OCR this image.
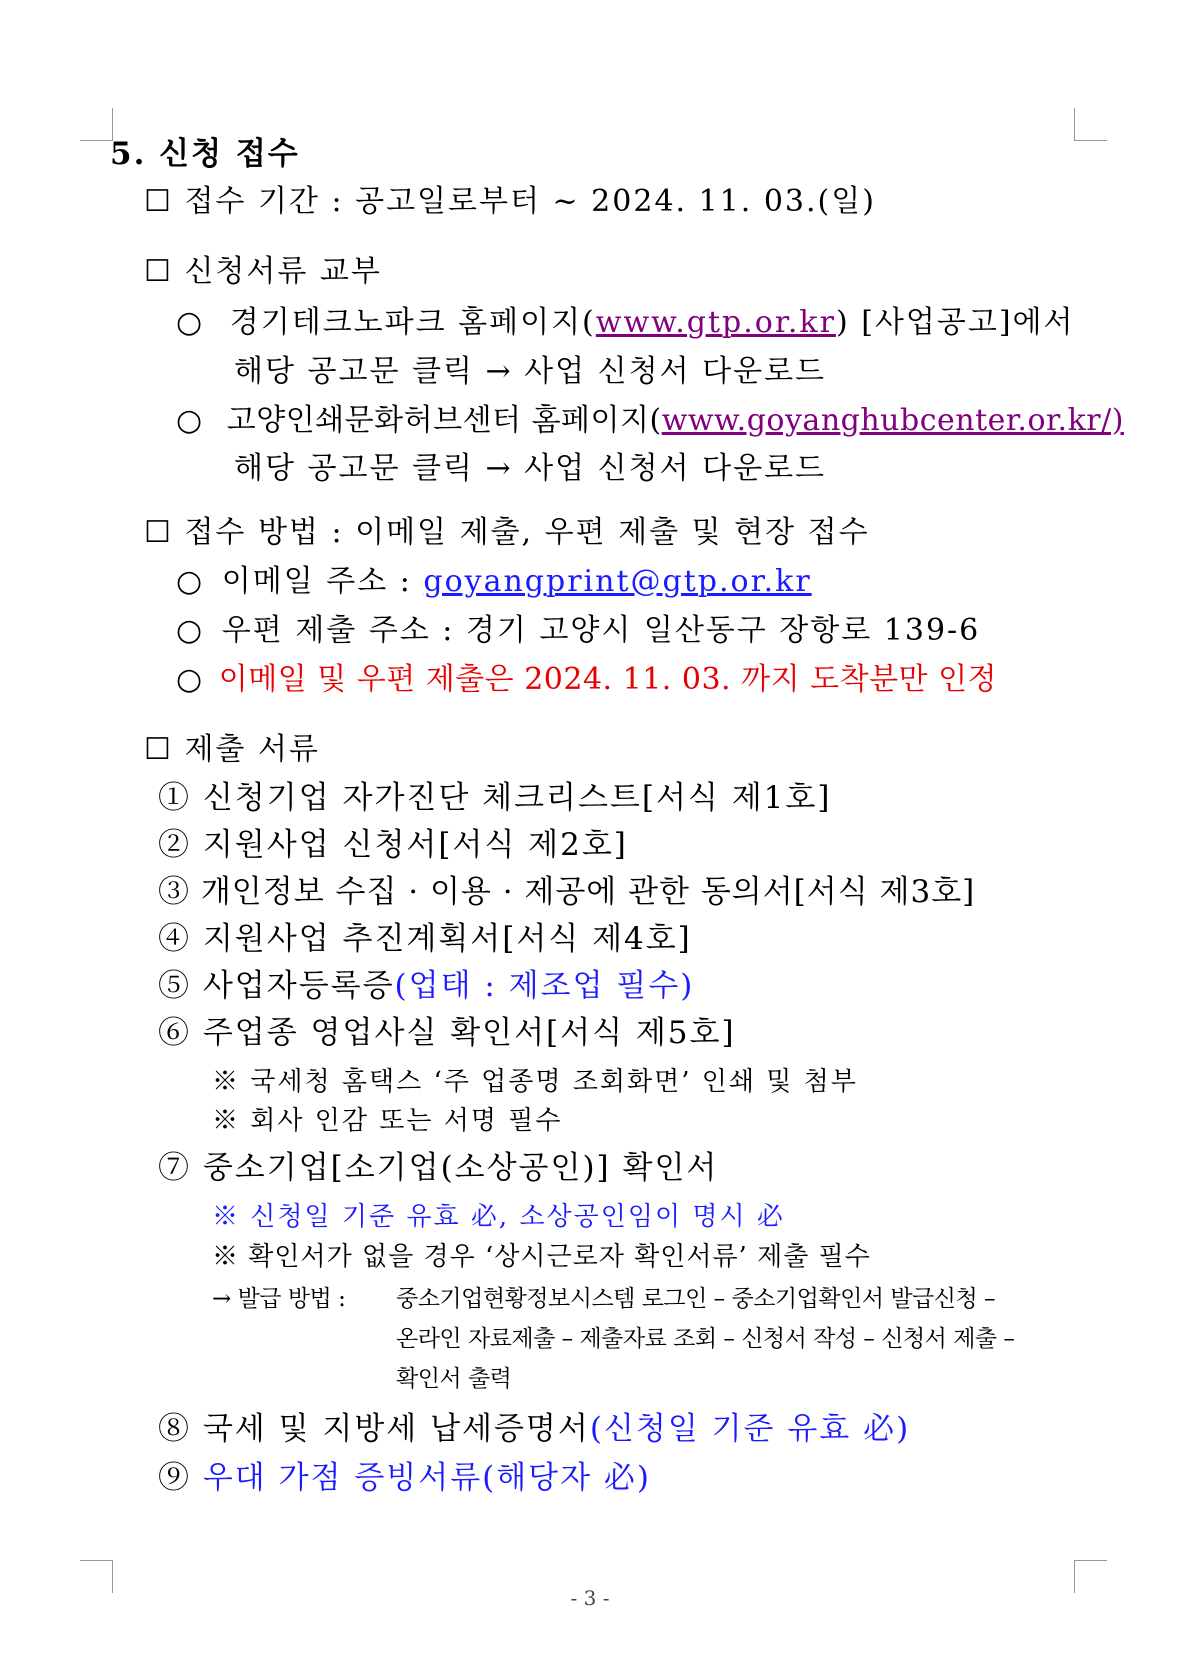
5. 신청 접수
☐ 접수 기간 : 공고일로부터 ~ 2024. 11. 03.(일)
☐ 신청서류 교부
○ 경기테크노파크 홈페이지(www.gtp.or.kr) [사업공고]에서
해당 공고문 클릭 → 사업 신청서 다운로드
○ 고양인쇄문화허브센터 홈페이지(www.goyanghubcenter.or.kr/)
해당 공고문 클릭 → 사업 신청서 다운로드
☐ 접수 방법 : 이메일 제출, 우편 제출 및 현장 접수
○ 이메일 주소 : goyangprint@gtp.or.kr
○ 우편 제출 주소 : 경기 고양시 일산동구 장항로 139-6
○ 이메일 및 우편 제출은 2024. 11. 03. 까지 도착분만 인정
☐ 제출 서류
① 신청기업 자가진단 체크리스트[서식 제1호]
② 지원사업 신청서[서식 제2호]
③ 개인정보 수집 · 이용 · 제공에 관한 동의서[서식 제3호]
④ 지원사업 추진계획서[서식 제4호]
⑤ 사업자등록증(업태 : 제조업 필수)
⑥ 주업종 영업사실 확인서[서식 제5호]
※ 국세청 홈택스 ‘주 업종명 조회화면’ 인쇄 및 첨부
※ 회사 인감 또는 서명 필수
⑦ 중소기업[소기업(소상공인)] 확인서
※ 신청일 기준 유효 必, 소상공인임이 명시 必
※ 확인서가 없을 경우 ‘상시근로자 확인서류’ 제출 필수
→ 발급 방법 : 중소기업현황정보시스템 로그인 – 중소기업확인서 발급신청 –
온라인 자료제출 – 제출자료 조회 – 신청서 작성 – 신청서 제출 –
확인서 출력
⑧ 국세 및 지방세 납세증명서(신청일 기준 유효 必)
⑨ 우대 가점 증빙서류(해당자 必)
- 3 -
